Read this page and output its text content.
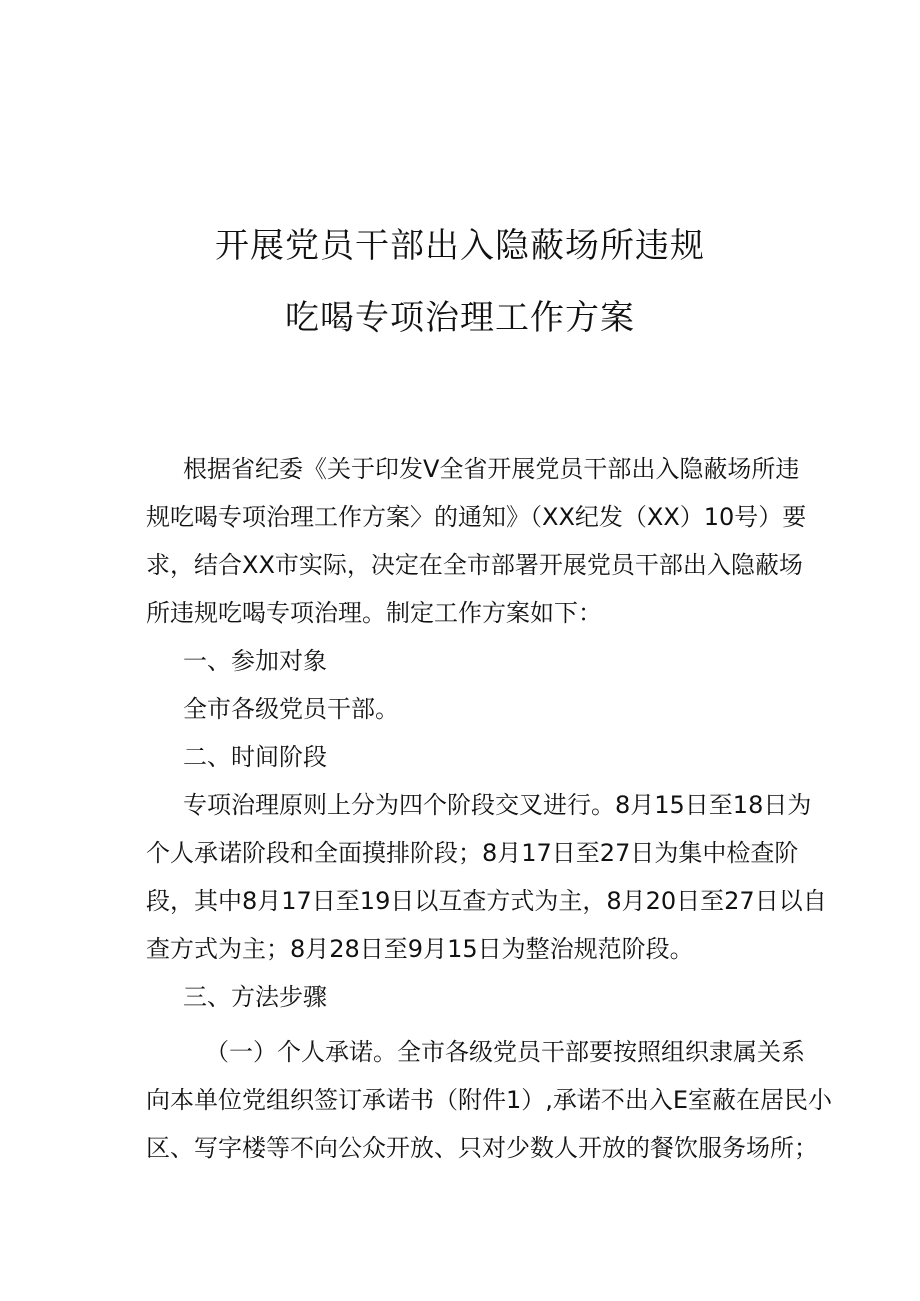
开展党员干部出入隐蔽场所违规
吃喝专项治理工作方案
根据省纪委《关于印发V全省开展党员干部出入隐蔽场所违
规吃喝专项治理工作方案〉的通知》（XX纪发（XX）10号）要
求，结合XX市实际，决定在全市部署开展党员干部出入隐蔽场
所违规吃喝专项治理。制定工作方案如下：
一、参加对象
全市各级党员干部。
二、时间阶段
专项治理原则上分为四个阶段交叉进行。8月15日至18日为
个人承诺阶段和全面摸排阶段；8月17日至27日为集中检查阶
段，其中8月17日至19日以互查方式为主，8月20日至27日以自
查方式为主；8月28日至9月15日为整治规范阶段。
三、方法步骤
（一）个人承诺。全市各级党员干部要按照组织隶属关系
向本单位党组织签订承诺书（附件1）,承诺不出入E室蔽在居民小
区、写字楼等不向公众开放、只对少数人开放的餐饮服务场所；
